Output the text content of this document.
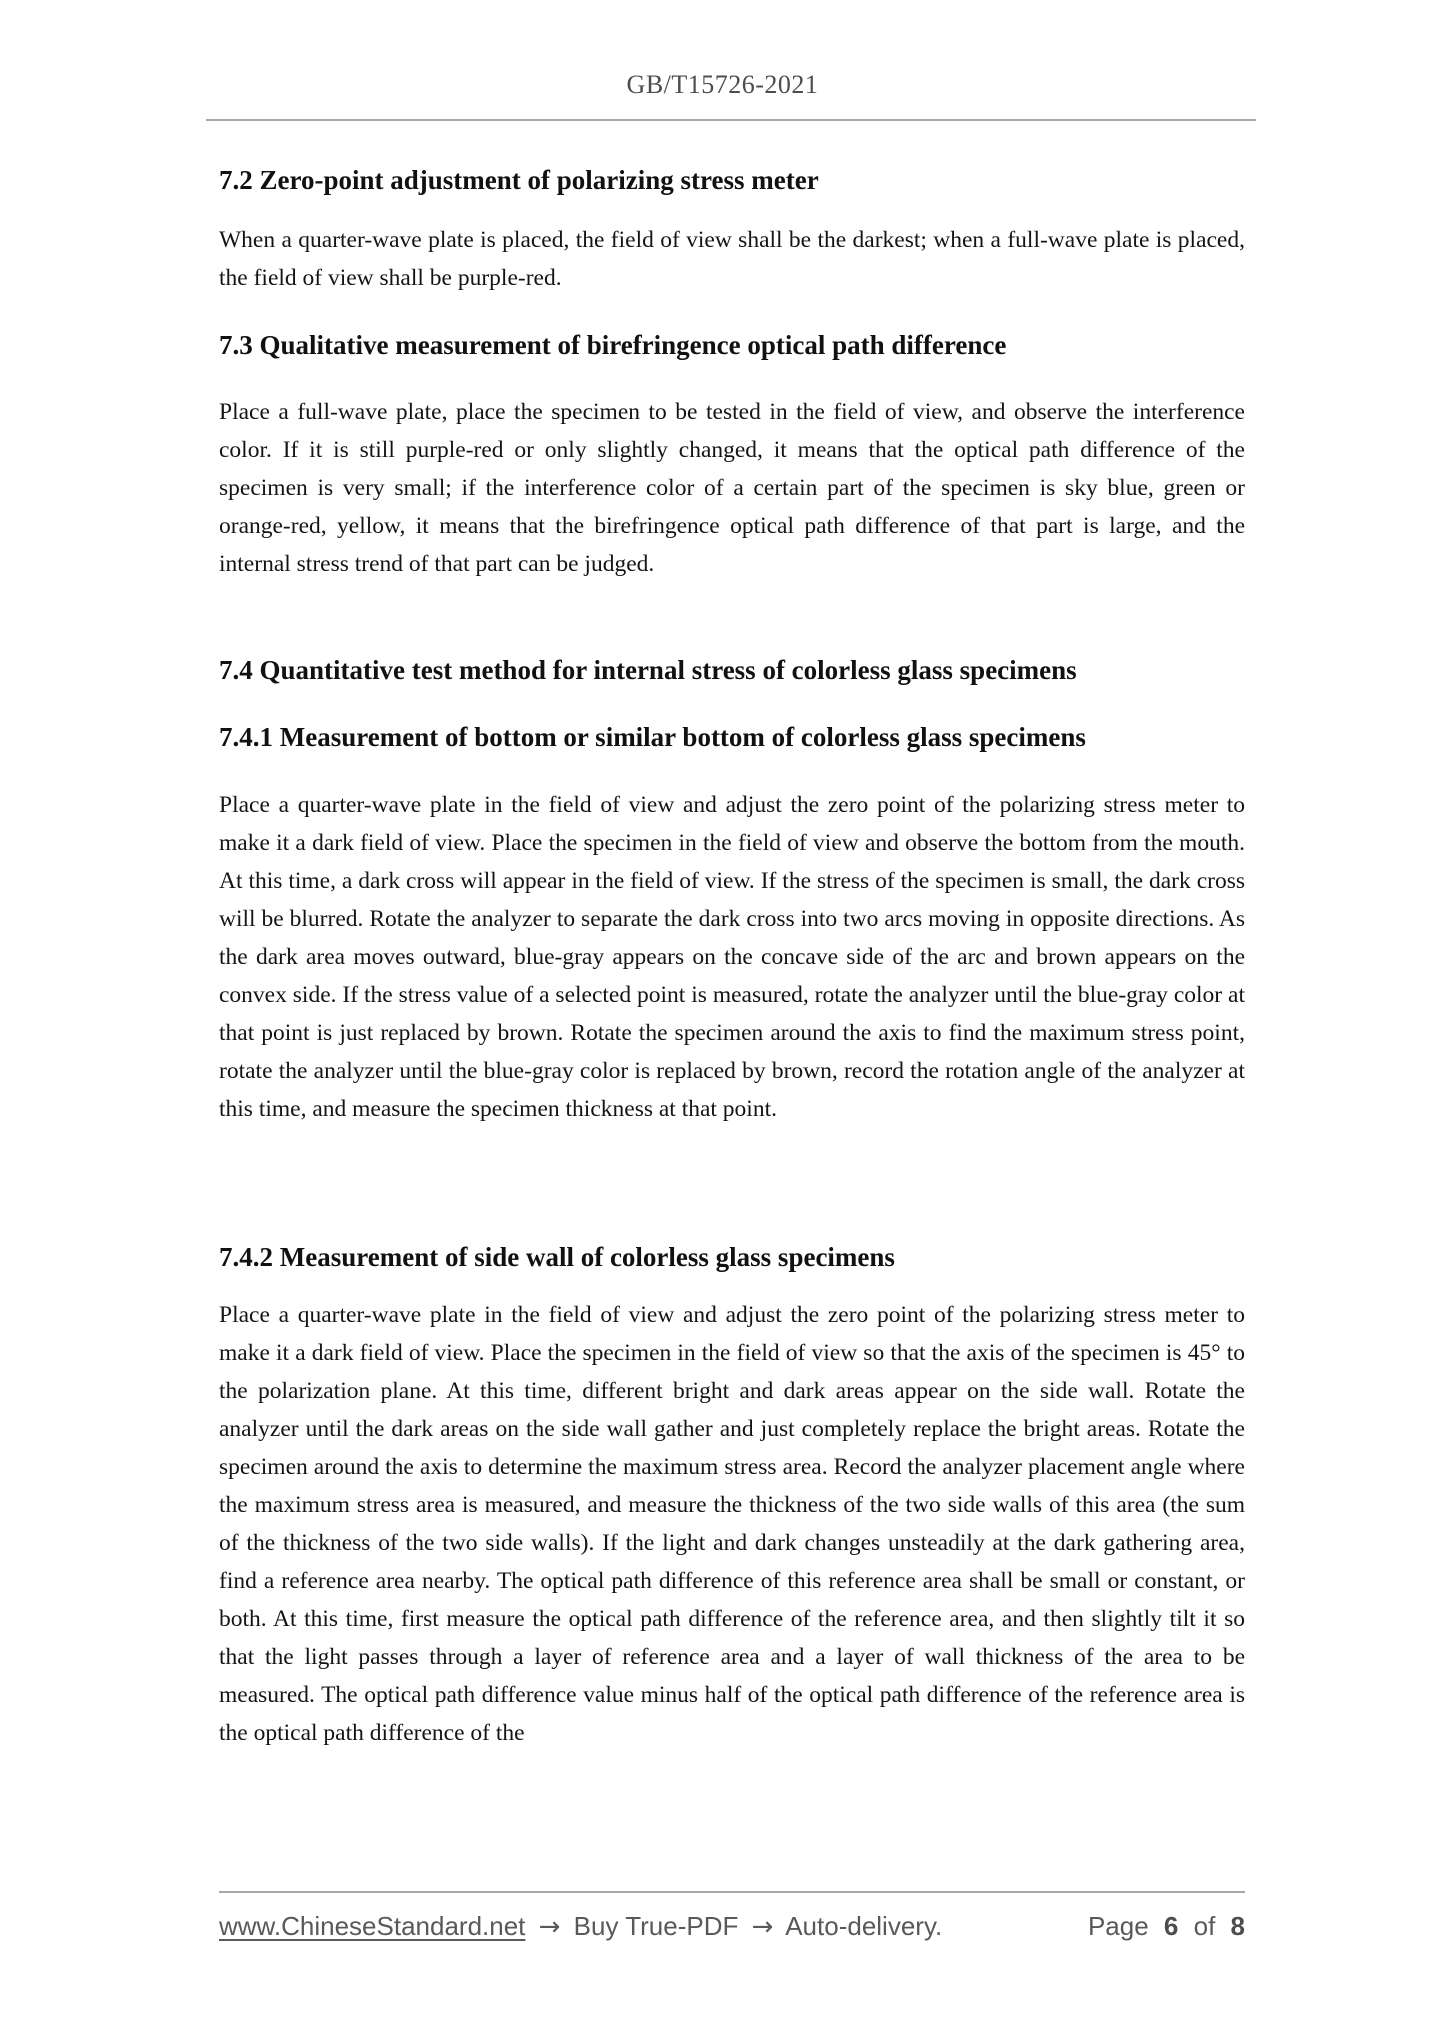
GB/T15726-2021
7.2 Zero-point adjustment of polarizing stress meter
When a quarter-wave plate is placed, the field of view shall be the darkest; when a full-wave plate is placed, the field of view shall be purple-red.
7.3 Qualitative measurement of birefringence optical path difference
Place a full-wave plate, place the specimen to be tested in the field of view, and observe the interference color. If it is still purple-red or only slightly changed, it means that the optical path difference of the specimen is very small; if the interference color of a certain part of the specimen is sky blue, green or orange-red, yellow, it means that the birefringence optical path difference of that part is large, and the internal stress trend of that part can be judged.
7.4 Quantitative test method for internal stress of colorless glass specimens
7.4.1 Measurement of bottom or similar bottom of colorless glass specimens
Place a quarter-wave plate in the field of view and adjust the zero point of the polarizing stress meter to make it a dark field of view. Place the specimen in the field of view and observe the bottom from the mouth. At this time, a dark cross will appear in the field of view. If the stress of the specimen is small, the dark cross will be blurred. Rotate the analyzer to separate the dark cross into two arcs moving in opposite directions. As the dark area moves outward, blue-gray appears on the concave side of the arc and brown appears on the convex side. If the stress value of a selected point is measured, rotate the analyzer until the blue-gray color at that point is just replaced by brown. Rotate the specimen around the axis to find the maximum stress point, rotate the analyzer until the blue-gray color is replaced by brown, record the rotation angle of the analyzer at this time, and measure the specimen thickness at that point.
7.4.2 Measurement of side wall of colorless glass specimens
Place a quarter-wave plate in the field of view and adjust the zero point of the polarizing stress meter to make it a dark field of view. Place the specimen in the field of view so that the axis of the specimen is 45° to the polarization plane. At this time, different bright and dark areas appear on the side wall. Rotate the analyzer until the dark areas on the side wall gather and just completely replace the bright areas. Rotate the specimen around the axis to determine the maximum stress area. Record the analyzer placement angle where the maximum stress area is measured, and measure the thickness of the two side walls of this area (the sum of the thickness of the two side walls). If the light and dark changes unsteadily at the dark gathering area, find a reference area nearby. The optical path difference of this reference area shall be small or constant, or both. At this time, first measure the optical path difference of the reference area, and then slightly tilt it so that the light passes through a layer of reference area and a layer of wall thickness of the area to be measured. The optical path difference value minus half of the optical path difference of the reference area is the optical path difference of the
www.ChineseStandard.net → Buy True-PDF → Auto-delivery.	Page 6 of 8
